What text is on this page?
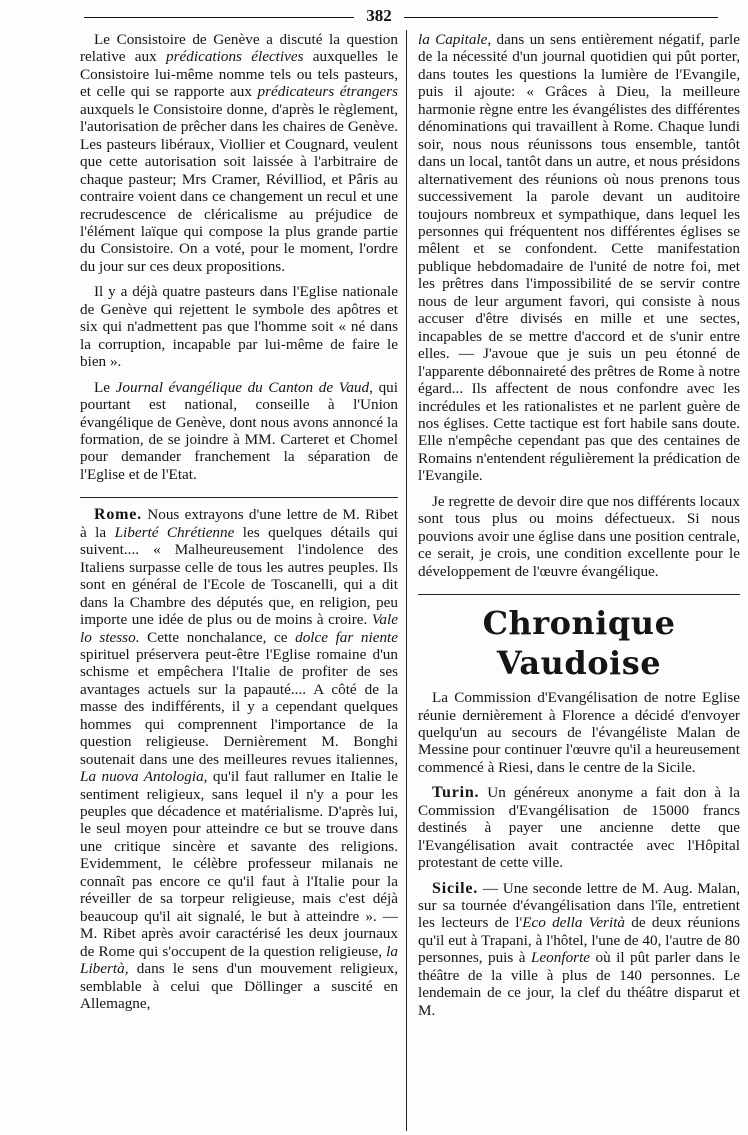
382

Le Consistoire de Genève a discuté la question relative aux prédications électives auxquelles le Consistoire lui-même nomme tels ou tels pasteurs, et celle qui se rapporte aux prédicateurs étrangers auxquels le Consistoire donne, d'après le règlement, l'autorisation de prêcher dans les chaires de Genève. Les pasteurs libéraux, Viollier et Cougnard, veulent que cette autorisation soit laissée à l'arbitraire de chaque pasteur; Mrs Cramer, Révilliod, et Pâris au contraire voient dans ce changement un recul et une recrudescence de cléricalisme au préjudice de l'élément laïque qui compose la plus grande partie du Consistoire. On a voté, pour le moment, l'ordre du jour sur ces deux propositions.

Il y a déjà quatre pasteurs dans l'Eglise nationale de Genève qui rejettent le symbole des apôtres et six qui n'admettent pas que l'homme soit « né dans la corruption, incapable par lui-même de faire le bien ».

Le Journal évangélique du Canton de Vaud, qui pourtant est national, conseille à l'Union évangélique de Genève, dont nous avons annoncé la formation, de se joindre à MM. Carteret et Chomel pour demander franchement la séparation de l'Eglise et de l'Etat.

Rome. Nous extrayons d'une lettre de M. Ribet à la Liberté Chrétienne les quelques détails qui suivent.... « Malheureusement l'indolence des Italiens surpasse celle de tous les autres peuples. Ils sont en général de l'Ecole de Toscanelli, qui a dit dans la Chambre des députés que, en religion, peu importe une idée de plus ou de moins à croire. Vale lo stesso. Cette nonchalance, ce dolce far niente spirituel préservera peut-être l'Eglise romaine d'un schisme et empêchera l'Italie de profiter de ses avantages actuels sur la papauté.... A côté de la masse des indifférents, il y a cependant quelques hommes qui comprennent l'importance de la question religieuse. Dernièrement M. Bonghi soutenait dans une des meilleures revues italiennes, La nuova Antologia, qu'il faut rallumer en Italie le sentiment religieux, sans lequel il n'y a pour les peuples que décadence et matérialisme. D'après lui, le seul moyen pour atteindre ce but se trouve dans une critique sincère et savante des religions. Evidemment, le célèbre professeur milanais ne connaît pas encore ce qu'il faut à l'Italie pour la réveiller de sa torpeur religieuse, mais c'est déjà beaucoup qu'il ait signalé, le but à atteindre ». — M. Ribet après avoir caractérisé les deux journaux de Rome qui s'occupent de la question religieuse, la Libertà, dans le sens d'un mouvement religieux, semblable à celui que Döllinger a suscité en Allemagne,

la Capitale, dans un sens entièrement négatif, parle de la nécessité d'un journal quotidien qui pût porter, dans toutes les questions la lumière de l'Evangile, puis il ajoute: « Grâces à Dieu, la meilleure harmonie règne entre les évangélistes des différentes dénominations qui travaillent à Rome. Chaque lundi soir, nous nous réunissons tous ensemble, tantôt dans un local, tantôt dans un autre, et nous présidons alternativement des réunions où nous prenons tous successivement la parole devant un auditoire toujours nombreux et sympathique, dans lequel les personnes qui fréquentent nos différentes églises se mêlent et se confondent. Cette manifestation publique hebdomadaire de l'unité de notre foi, met les prêtres dans l'impossibilité de se servir contre nous de leur argument favori, qui consiste à nous accuser d'être divisés en mille et une sectes, incapables de se mettre d'accord et de s'unir entre elles. — J'avoue que je suis un peu étonné de l'apparente débonnaireté des prêtres de Rome à notre égard... Ils affectent de nous confondre avec les incrédules et les rationalistes et ne parlent guère de nos églises. Cette tactique est fort habile sans doute. Elle n'empêche cependant pas que des centaines de Romains n'entendent régulièrement la prédication de l'Evangile.

Je regrette de devoir dire que nos différents locaux sont tous plus ou moins défectueux. Si nous pouvions avoir une église dans une position centrale, ce serait, je crois, une condition excellente pour le développement de l'œuvre évangélique.

Chronique Vaudoise

La Commission d'Evangélisation de notre Eglise réunie dernièrement à Florence a décidé d'envoyer quelqu'un au secours de l'évangéliste Malan de Messine pour continuer l'œuvre qu'il a heureusement commencé à Riesi, dans le centre de la Sicile.

Turin. Un généreux anonyme a fait don à la Commission d'Evangélisation de 15000 francs destinés à payer une ancienne dette que l'Evangélisation avait contractée avec l'Hôpital protestant de cette ville.

Sicile. — Une seconde lettre de M. Aug. Malan, sur sa tournée d'évangélisation dans l'île, entretient les lecteurs de l'Eco della Verità de deux réunions qu'il eut à Trapani, à l'hôtel, l'une de 40, l'autre de 80 personnes, puis à Leonforte où il pût parler dans le théâtre de la ville à plus de 140 personnes. Le lendemain de ce jour, la clef du théâtre disparut et M.
